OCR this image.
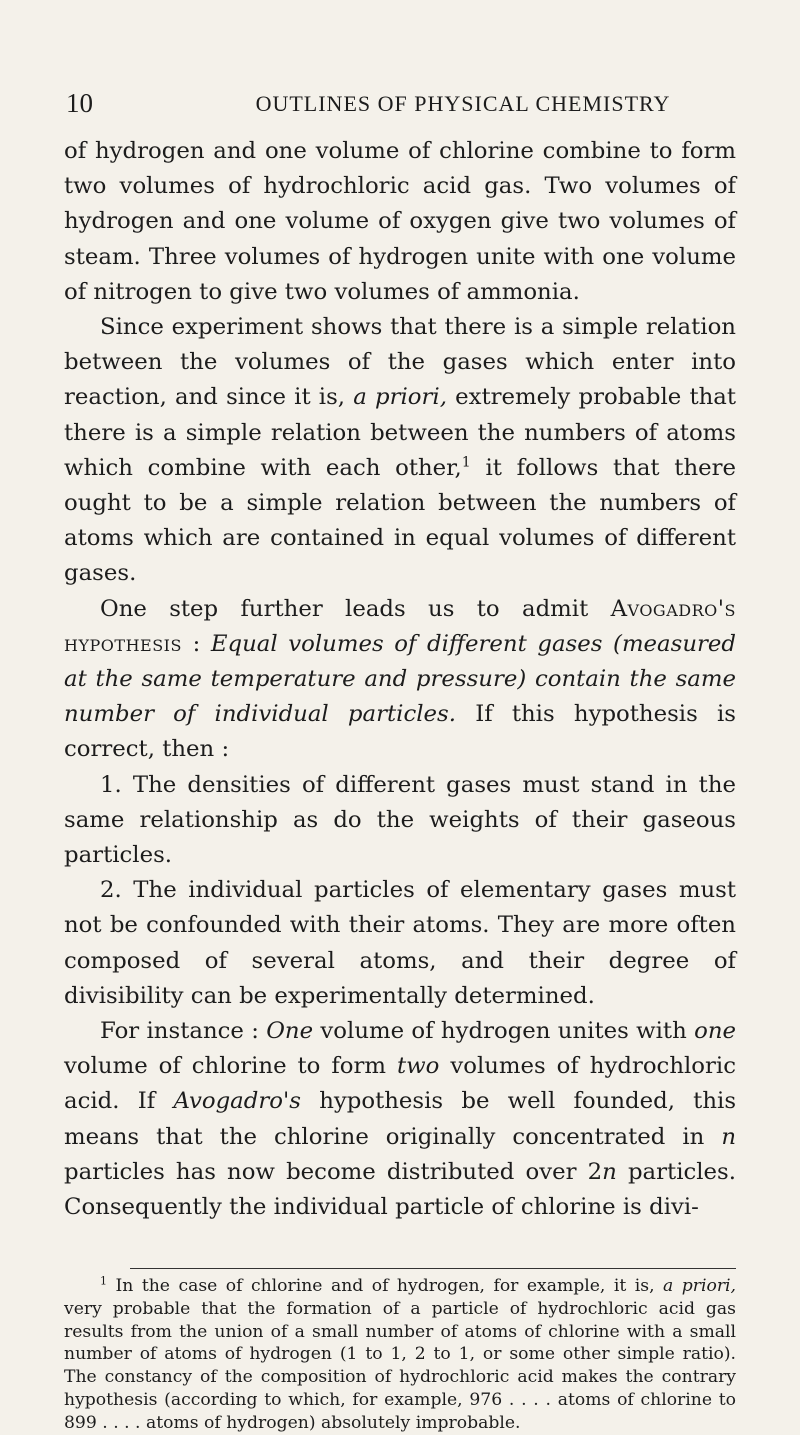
10	OUTLINES OF PHYSICAL CHEMISTRY

of hydrogen and one volume of chlorine combine to form two volumes of hydrochloric acid gas. Two volumes of hydrogen and one volume of oxygen give two volumes of steam. Three volumes of hydrogen unite with one volume of nitrogen to give two volumes of ammonia.

Since experiment shows that there is a simple relation between the volumes of the gases which enter into reaction, and since it is, a priori, extremely probable that there is a simple relation between the numbers of atoms which combine with each other,$^1$ it follows that there ought to be a simple relation between the numbers of atoms which are contained in equal volumes of different gases.

One step further leads us to admit Avogadro's hypothesis : Equal volumes of different gases (measured at the same temperature and pressure) contain the same number of individual particles. If this hypothesis is correct, then :

1. The densities of different gases must stand in the same relationship as do the weights of their gaseous particles.

2. The individual particles of elementary gases must not be confounded with their atoms. They are more often composed of several atoms, and their degree of divisibility can be experimentally determined.

For instance : One volume of hydrogen unites with one volume of chlorine to form two volumes of hydrochloric acid. If Avogadro's hypothesis be well founded, this means that the chlorine originally concentrated in n particles has now become distributed over 2n particles. Consequently the individual particle of chlorine is divi-

$^1$ In the case of chlorine and of hydrogen, for example, it is, a priori, very probable that the formation of a particle of hydrochloric acid gas results from the union of a small number of atoms of chlorine with a small number of atoms of hydrogen (1 to 1, 2 to 1, or some other simple ratio). The constancy of the composition of hydrochloric acid makes the contrary hypothesis (according to which, for example, 976 . . . . atoms of chlorine to 899 . . . . atoms of hydrogen) absolutely improbable.
